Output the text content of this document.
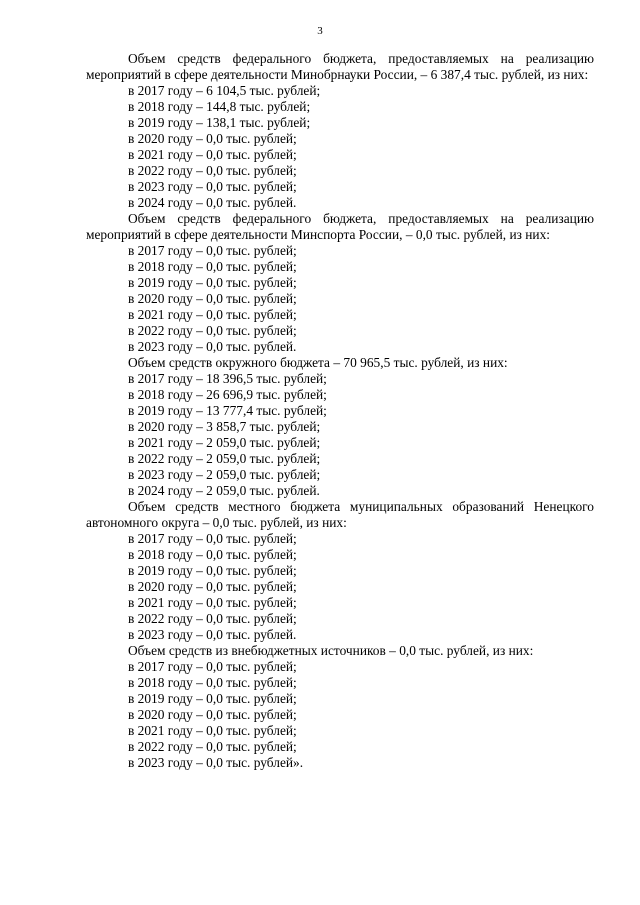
3

Объем средств федерального бюджета, предоставляемых на реализацию мероприятий в сфере деятельности Минобрнауки России, – 6 387,4 тыс. рублей, из них:

в 2017 году – 6 104,5 тыс. рублей;
в 2018 году – 144,8 тыс. рублей;
в 2019 году – 138,1 тыс. рублей;
в 2020 году – 0,0 тыс. рублей;
в 2021 году – 0,0 тыс. рублей;
в 2022 году – 0,0 тыс. рублей;
в 2023 году – 0,0 тыс. рублей;
в 2024 году – 0,0 тыс. рублей.

Объем средств федерального бюджета, предоставляемых на реализацию мероприятий в сфере деятельности Минспорта России, – 0,0 тыс. рублей, из них:

в 2017 году – 0,0 тыс. рублей;
в 2018 году – 0,0 тыс. рублей;
в 2019 году – 0,0 тыс. рублей;
в 2020 году – 0,0 тыс. рублей;
в 2021 году – 0,0 тыс. рублей;
в 2022 году – 0,0 тыс. рублей;
в 2023 году – 0,0 тыс. рублей.

Объем средств окружного бюджета – 70 965,5 тыс. рублей, из них:

в 2017 году – 18 396,5 тыс. рублей;
в 2018 году – 26 696,9 тыс. рублей;
в 2019 году – 13 777,4 тыс. рублей;
в 2020 году – 3 858,7 тыс. рублей;
в 2021 году – 2 059,0 тыс. рублей;
в 2022 году – 2 059,0 тыс. рублей;
в 2023 году – 2 059,0 тыс. рублей;
в 2024 году – 2 059,0 тыс. рублей.

Объем средств местного бюджета муниципальных образований Ненецкого автономного округа – 0,0 тыс. рублей, из них:

в 2017 году – 0,0 тыс. рублей;
в 2018 году – 0,0 тыс. рублей;
в 2019 году – 0,0 тыс. рублей;
в 2020 году – 0,0 тыс. рублей;
в 2021 году – 0,0 тыс. рублей;
в 2022 году – 0,0 тыс. рублей;
в 2023 году – 0,0 тыс. рублей.

Объем средств из внебюджетных источников – 0,0 тыс. рублей, из них:

в 2017 году – 0,0 тыс. рублей;
в 2018 году – 0,0 тыс. рублей;
в 2019 году – 0,0 тыс. рублей;
в 2020 году – 0,0 тыс. рублей;
в 2021 году – 0,0 тыс. рублей;
в 2022 году – 0,0 тыс. рублей;
в 2023 году – 0,0 тыс. рублей».
